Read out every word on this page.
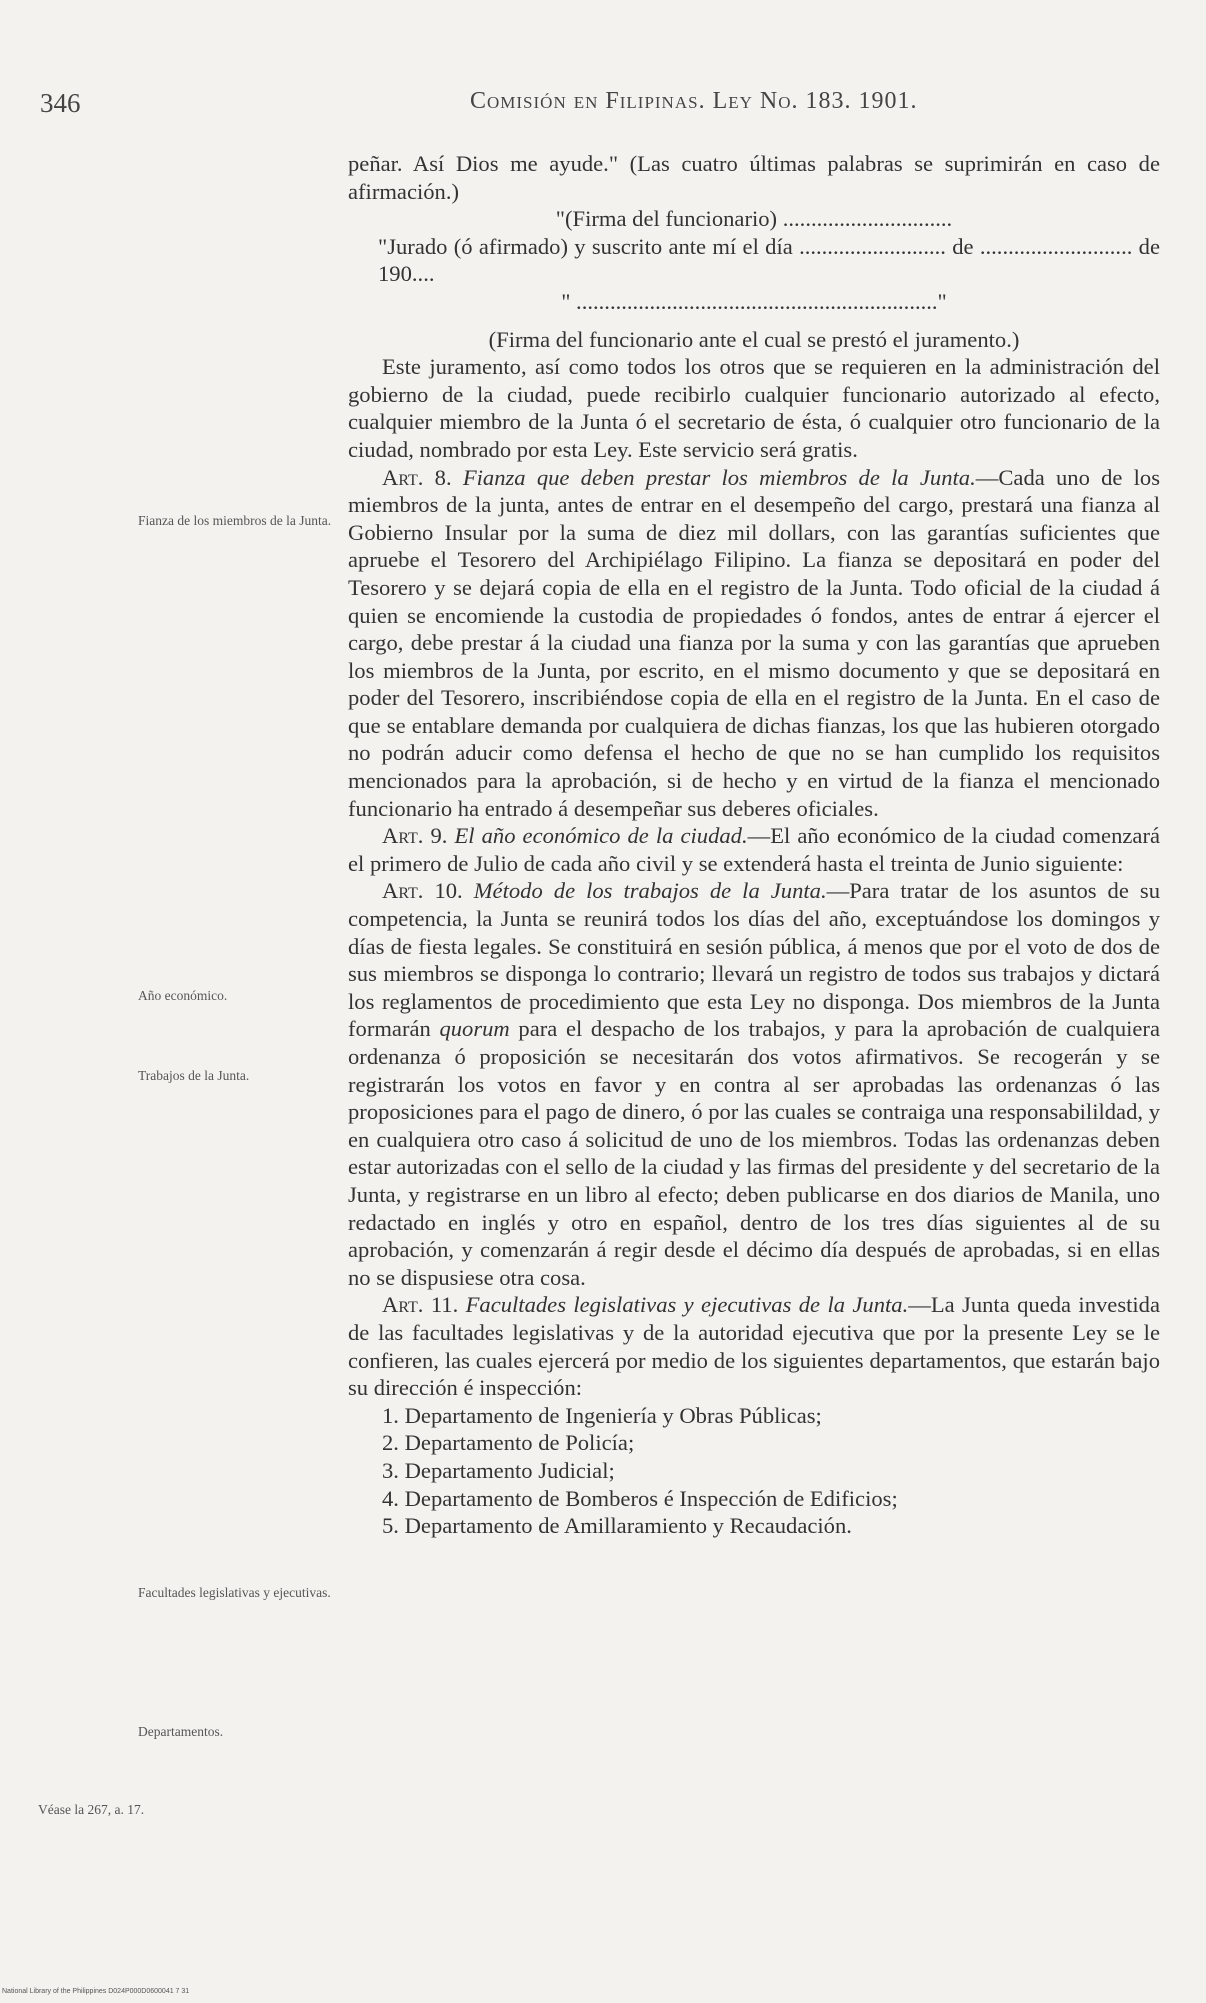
346	Comisión en Filipinas. Ley No. 183. 1901.

peñar. Así Dios me ayude." (Las cuatro últimas palabras se suprimirán en caso de afirmación.)

"(Firma del funcionario) ..............................

"Jurado (ó afirmado) y suscrito ante mí el día .......................... de ........................... de 190....

" ................................................................"

(Firma del funcionario ante el cual se prestó el juramento.)

Este juramento, así como todos los otros que se requieren en la administración del gobierno de la ciudad, puede recibirlo cualquier funcionario autorizado al efecto, cualquier miembro de la Junta ó el secretario de ésta, ó cualquier otro funcionario de la ciudad, nombrado por esta Ley. Este servicio será gratis.

Art. 8. Fianza que deben prestar los miembros de la Junta.—Cada uno de los miembros de la junta, antes de entrar en el desempeño del cargo, prestará una fianza al Gobierno Insular por la suma de diez mil dollars, con las garantías suficientes que apruebe el Tesorero del Archipiélago Filipino. La fianza se depositará en poder del Tesorero y se dejará copia de ella en el registro de la Junta. Todo oficial de la ciudad á quien se encomiende la custodia de propiedades ó fondos, antes de entrar á ejercer el cargo, debe prestar á la ciudad una fianza por la suma y con las garantías que aprueben los miembros de la Junta, por escrito, en el mismo documento y que se depositará en poder del Tesorero, inscribiéndose copia de ella en el registro de la Junta. En el caso de que se entablare demanda por cualquiera de dichas fianzas, los que las hubieren otorgado no podrán aducir como defensa el hecho de que no se han cumplido los requisitos mencionados para la aprobación, si de hecho y en virtud de la fianza el mencionado funcionario ha entrado á desempeñar sus deberes oficiales.

Art. 9. El año económico de la ciudad.—El año económico de la ciudad comenzará el primero de Julio de cada año civil y se extenderá hasta el treinta de Junio siguiente:

Art. 10. Método de los trabajos de la Junta.—Para tratar de los asuntos de su competencia, la Junta se reunirá todos los días del año, exceptuándose los domingos y días de fiesta legales. Se constituirá en sesión pública, á menos que por el voto de dos de sus miembros se disponga lo contrario; llevará un registro de todos sus trabajos y dictará los reglamentos de procedimiento que esta Ley no disponga. Dos miembros de la Junta formarán quorum para el despacho de los trabajos, y para la aprobación de cualquiera ordenanza ó proposición se necesitarán dos votos afirmativos. Se recogerán y se registrarán los votos en favor y en contra al ser aprobadas las ordenanzas ó las proposiciones para el pago de dinero, ó por las cuales se contraiga una responsabilildad, y en cualquiera otro caso á solicitud de uno de los miembros. Todas las ordenanzas deben estar autorizadas con el sello de la ciudad y las firmas del presidente y del secretario de la Junta, y registrarse en un libro al efecto; deben publicarse en dos diarios de Manila, uno redactado en inglés y otro en español, dentro de los tres días siguientes al de su aprobación, y comenzarán á regir desde el décimo día después de aprobadas, si en ellas no se dispusiese otra cosa.

Art. 11. Facultades legislativas y ejecutivas de la Junta.—La Junta queda investida de las facultades legislativas y de la autoridad ejecutiva que por la presente Ley se le confieren, las cuales ejercerá por medio de los siguientes departamentos, que estarán bajo su dirección é inspección:

1. Departamento de Ingeniería y Obras Públicas;
2. Departamento de Policía;
3. Departamento Judicial;
4. Departamento de Bomberos é Inspección de Edificios;
5. Departamento de Amillaramiento y Recaudación.
Fianza de los miembros de la Junta.
Año económico.
Trabajos de la Junta.
Facultades legislativas y ejecutivas.
Departamentos.
Véase la 267, a. 17.
National Library of the Philippines D024P000D0600041 7 31
